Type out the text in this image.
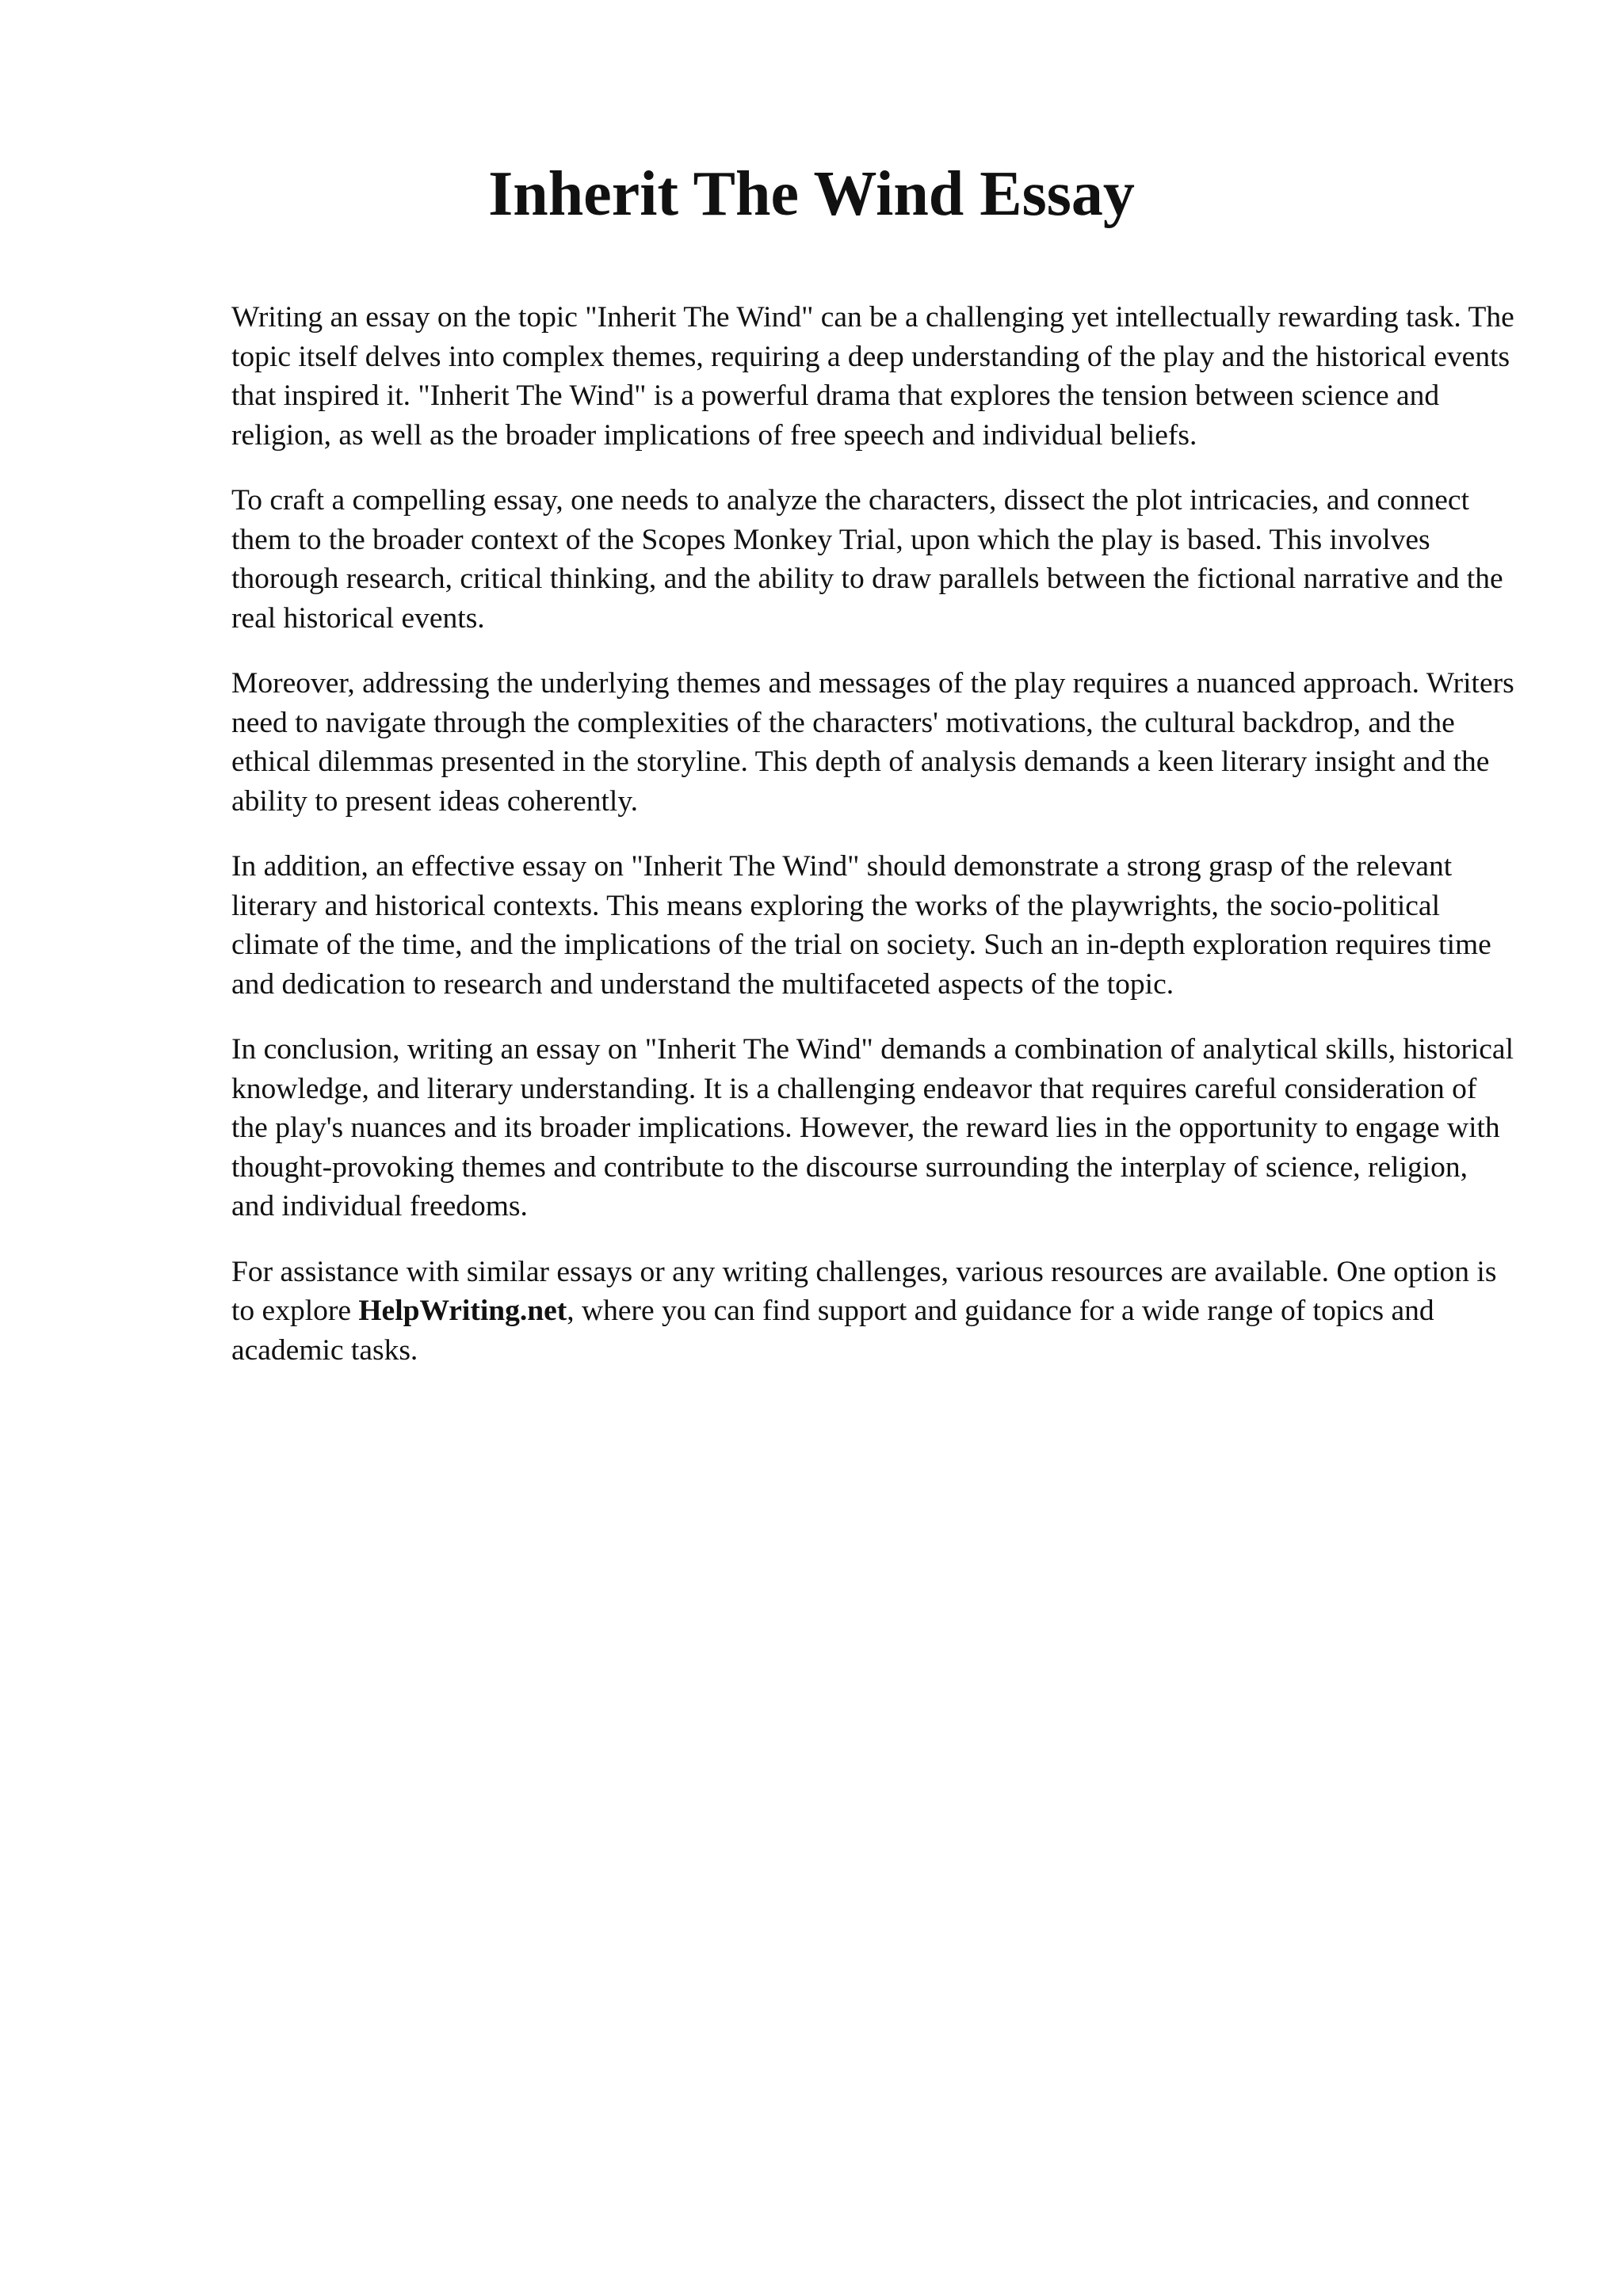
Inherit The Wind Essay

Writing an essay on the topic "Inherit The Wind" can be a challenging yet intellectually rewarding task. The topic itself delves into complex themes, requiring a deep understanding of the play and the historical events that inspired it. "Inherit The Wind" is a powerful drama that explores the tension between science and religion, as well as the broader implications of free speech and individual beliefs.

To craft a compelling essay, one needs to analyze the characters, dissect the plot intricacies, and connect them to the broader context of the Scopes Monkey Trial, upon which the play is based. This involves thorough research, critical thinking, and the ability to draw parallels between the fictional narrative and the real historical events.

Moreover, addressing the underlying themes and messages of the play requires a nuanced approach. Writers need to navigate through the complexities of the characters' motivations, the cultural backdrop, and the ethical dilemmas presented in the storyline. This depth of analysis demands a keen literary insight and the ability to present ideas coherently.

In addition, an effective essay on "Inherit The Wind" should demonstrate a strong grasp of the relevant literary and historical contexts. This means exploring the works of the playwrights, the socio-political climate of the time, and the implications of the trial on society. Such an in-depth exploration requires time and dedication to research and understand the multifaceted aspects of the topic.

In conclusion, writing an essay on "Inherit The Wind" demands a combination of analytical skills, historical knowledge, and literary understanding. It is a challenging endeavor that requires careful consideration of the play's nuances and its broader implications. However, the reward lies in the opportunity to engage with thought-provoking themes and contribute to the discourse surrounding the interplay of science, religion, and individual freedoms.

For assistance with similar essays or any writing challenges, various resources are available. One option is to explore HelpWriting.net, where you can find support and guidance for a wide range of topics and academic tasks.
